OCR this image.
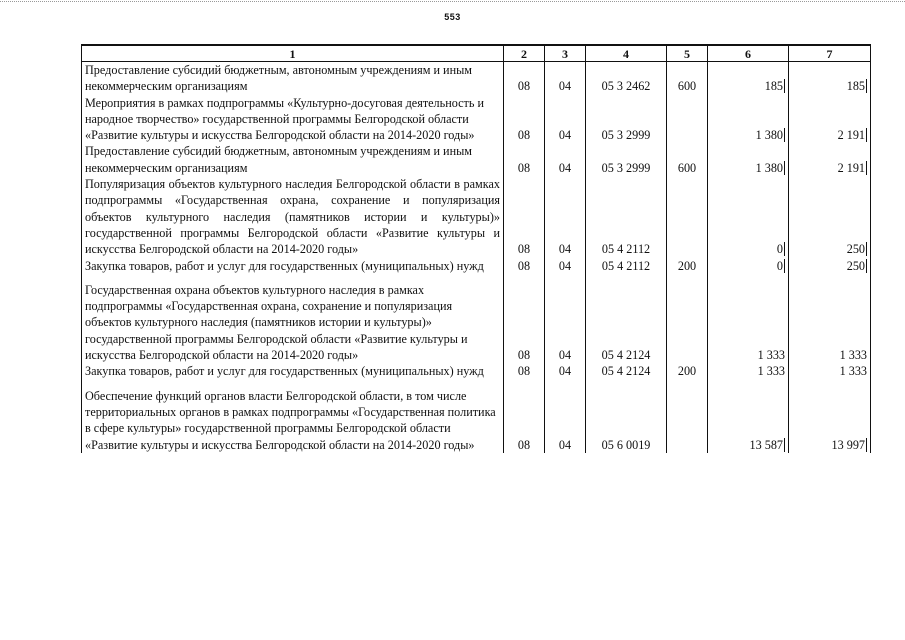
553
1	2	3	4	5	6	7
Предоставление субсидий бюджетным, автономным учреждениям и иным некоммерческим организациям	08	04	05 3 2462	600	185	185
Мероприятия в рамках подпрограммы «Культурно-досуговая деятельность и народное творчество» государственной программы Белгородской области «Развитие культуры и искусства Белгородской области на 2014-2020 годы»	08	04	05 3 2999		1 380	2 191
Предоставление субсидий бюджетным, автономным учреждениям и иным некоммерческим организациям	08	04	05 3 2999	600	1 380	2 191
Популяризация объектов культурного наследия Белгородской области в рамках подпрограммы «Государственная охрана, сохранение и популяризация объектов культурного наследия (памятников истории и культуры)» государственной программы Белгородской области «Развитие культуры и искусства Белгородской области на 2014-2020 годы»	08	04	05 4 2112		0	250
Закупка товаров, работ и услуг для государственных (муниципальных) нужд	08	04	05 4 2112	200	0	250

Государственная охрана объектов культурного наследия в рамках подпрограммы «Государственная охрана, сохранение и популяризация объектов культурного наследия (памятников истории и культуры)» государственной программы Белгородской области «Развитие культуры и искусства Белгородской области на 2014-2020 годы»	08	04	05 4 2124		1 333	1 333
Закупка товаров, работ и услуг для государственных (муниципальных) нужд	08	04	05 4 2124	200	1 333	1 333

Обеспечение функций органов власти Белгородской области, в том числе территориальных органов в рамках подпрограммы «Государственная политика в сфере культуры» государственной программы Белгородской области «Развитие культуры и искусства Белгородской области на 2014-2020 годы»	08	04	05 6 0019		13 587	13 997
